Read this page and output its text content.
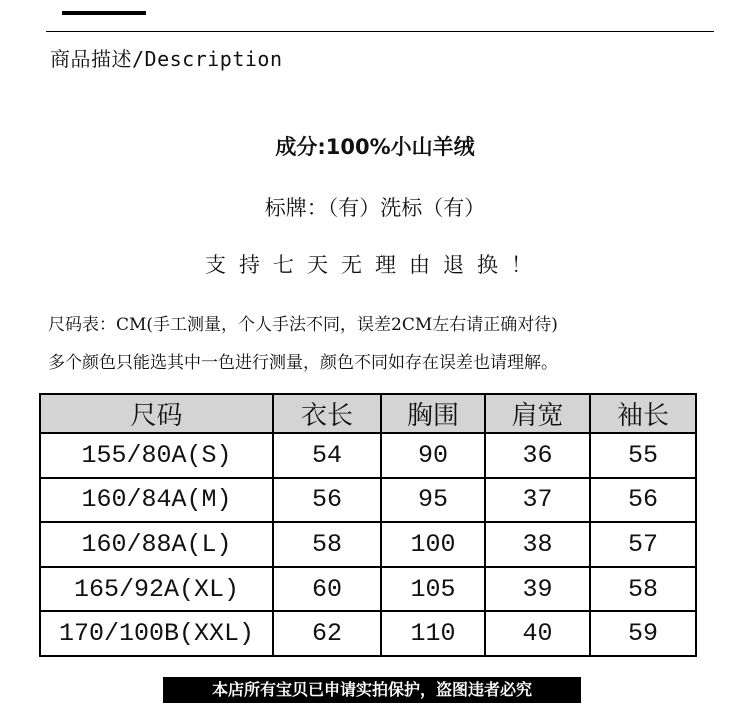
商品描述/Description
成分:100%小山羊绒
标牌：（有）洗标（有）
支持七天无理由退换！
尺码表：CM(手工测量，个人手法不同，误差2CM左右请正确对待)
多个颜色只能选其中一色进行测量，颜色不同如存在误差也请理解。
尺码	衣长	胸围	肩宽	袖长
155/80A(S)	54	90	36	55
160/84A(M)	56	95	37	56
160/88A(L)	58	100	38	57
165/92A(XL)	60	105	39	58
170/100B(XXL)	62	110	40	59
本店所有宝贝已申请实拍保护，盗图违者必究
